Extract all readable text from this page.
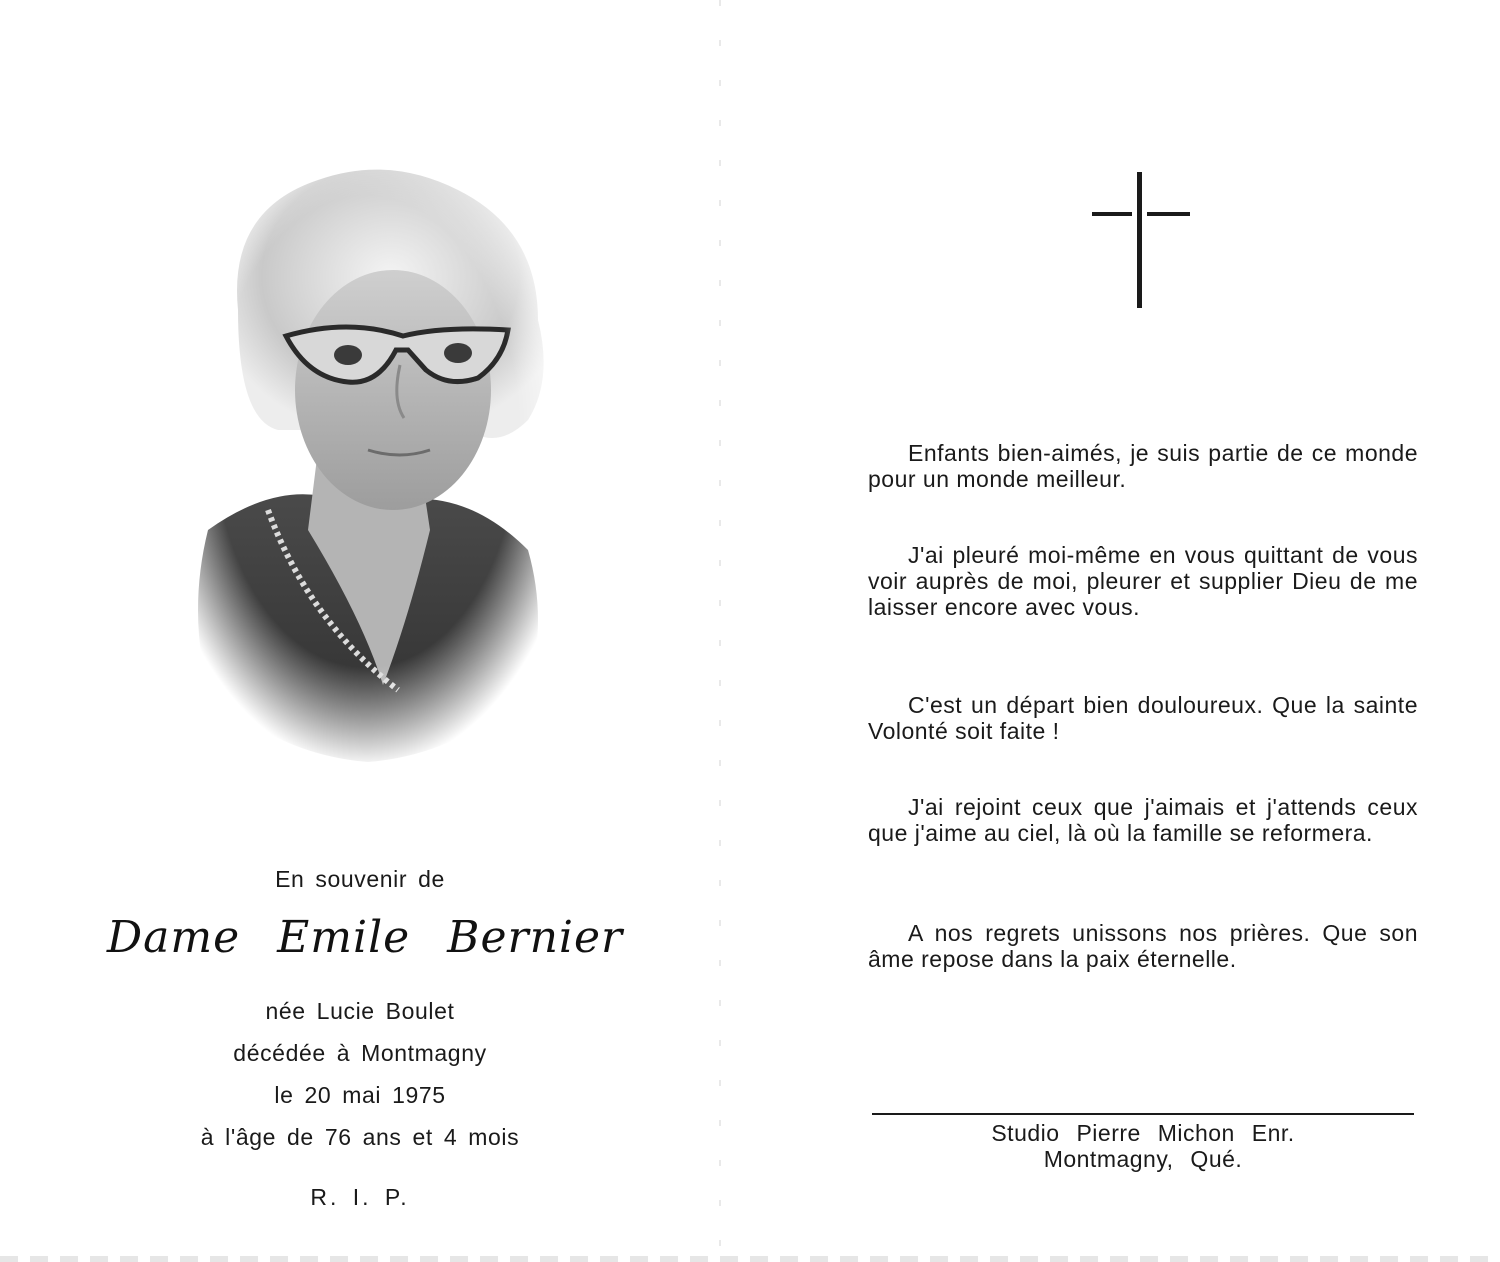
En souvenir de
Dame Emile Bernier
née Lucie Boulet
décédée à Montmagny
le 20 mai 1975
à l'âge de 76 ans et 4 mois
R. I. P.

Enfants bien-aimés, je suis partie de ce monde pour un monde meilleur.

J'ai pleuré moi-même en vous quittant de vous voir auprès de moi, pleurer et supplier Dieu de me laisser encore avec vous.

C'est un départ bien douloureux. Que la sainte Volonté soit faite !

J'ai rejoint ceux que j'aimais et j'attends ceux que j'aime au ciel, là où la famille se reformera.

A nos regrets unissons nos prières. Que son âme repose dans la paix éternelle.

Studio Pierre Michon Enr.
Montmagny, Qué.
